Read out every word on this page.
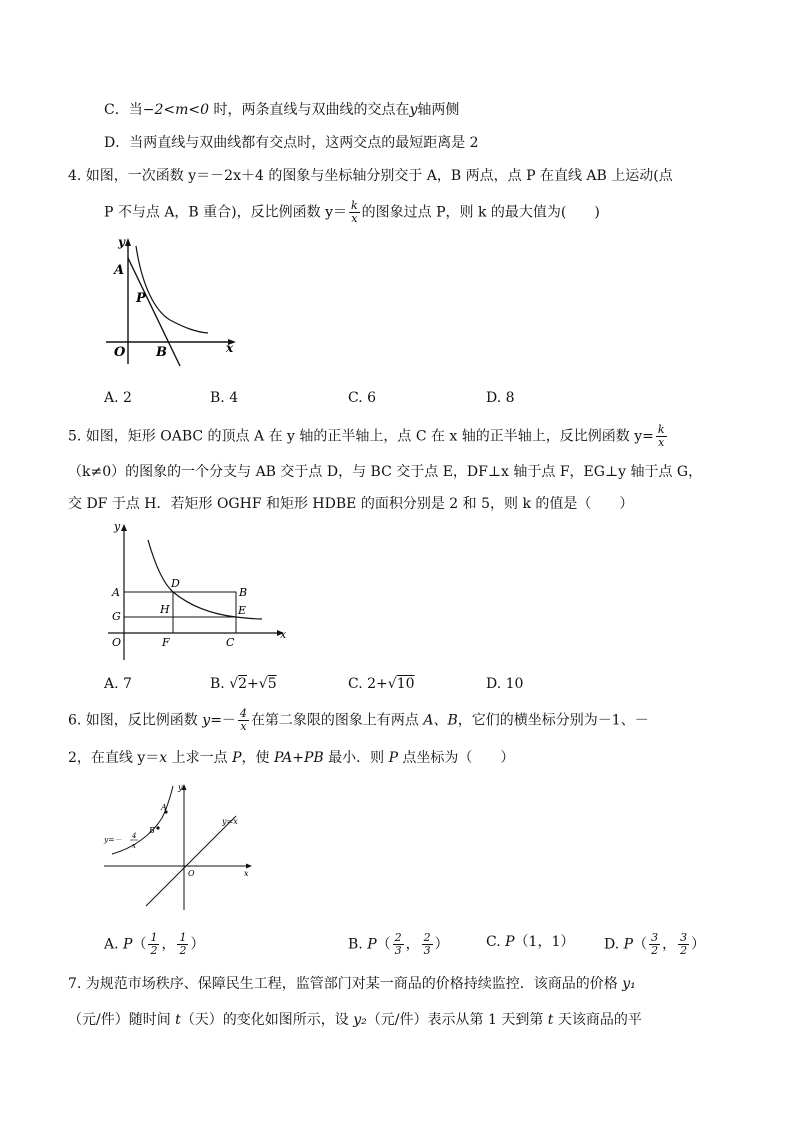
C．当−2<m<0 时，两条直线与双曲线的交点在y轴两侧
D．当两直线与双曲线都有交点时，这两交点的最短距离是 2
4. 如图，一次函数 y＝－2x＋4 的图象与坐标轴分别交于 A，B 两点，点 P 在直线 AB 上运动(点
P 不与点 A，B 重合)，反比例函数 $y= \frac{k}{x}$ 的图象过点 P，则 k 的最大值为(　　)
y
A
P
O B	x
A. 2	B. 4	C. 6	D. 8
5. 如图，矩形 OABC 的顶点 A 在 y 轴的正半轴上，点 C 在 x 轴的正半轴上，反比例函数 $y= \frac{k}{x}$
（k≠0）的图象的一个分支与 AB 交于点 D，与 BC 交于点 E，DF⊥x 轴于点 F，EG⊥y 轴于点 G，
交 DF 于点 H．若矩形 OGHF 和矩形 HDBE 的面积分别是 2 和 5，则 k 的值是（　　）
y
A
D
B
G
H	E
O	F	C
x
A. 7	B. √2+√5	C. 2+√10	D. 10
6. 如图，反比例函数 $y=- \frac{4}{x}$ 在第二象限的图象上有两点 A、B，它们的横坐标分别为－1、－
2，在直线 y＝x 上求一点 P，使 PA+PB 最小．则 P 点坐标为（　　）
y
y=x
A
B
y=－ 4
x
O	x
A. $P( \frac{1}{2}$ ， $\frac{1}{2}$ ）	B. $P( \frac{2}{3}$ ， $\frac{2}{3}$ ）	C. P（1，1） D. $P( \frac{3}{2}$ ， $\frac{3}{2}$ ）
7. 为规范市场秩序、保障民生工程，监管部门对某一商品的价格持续监控．该商品的价格 y₁
（元/件）随时间 t（天）的变化如图所示，设 y₂（元/件）表示从第 1 天到第 t 天该商品的平
